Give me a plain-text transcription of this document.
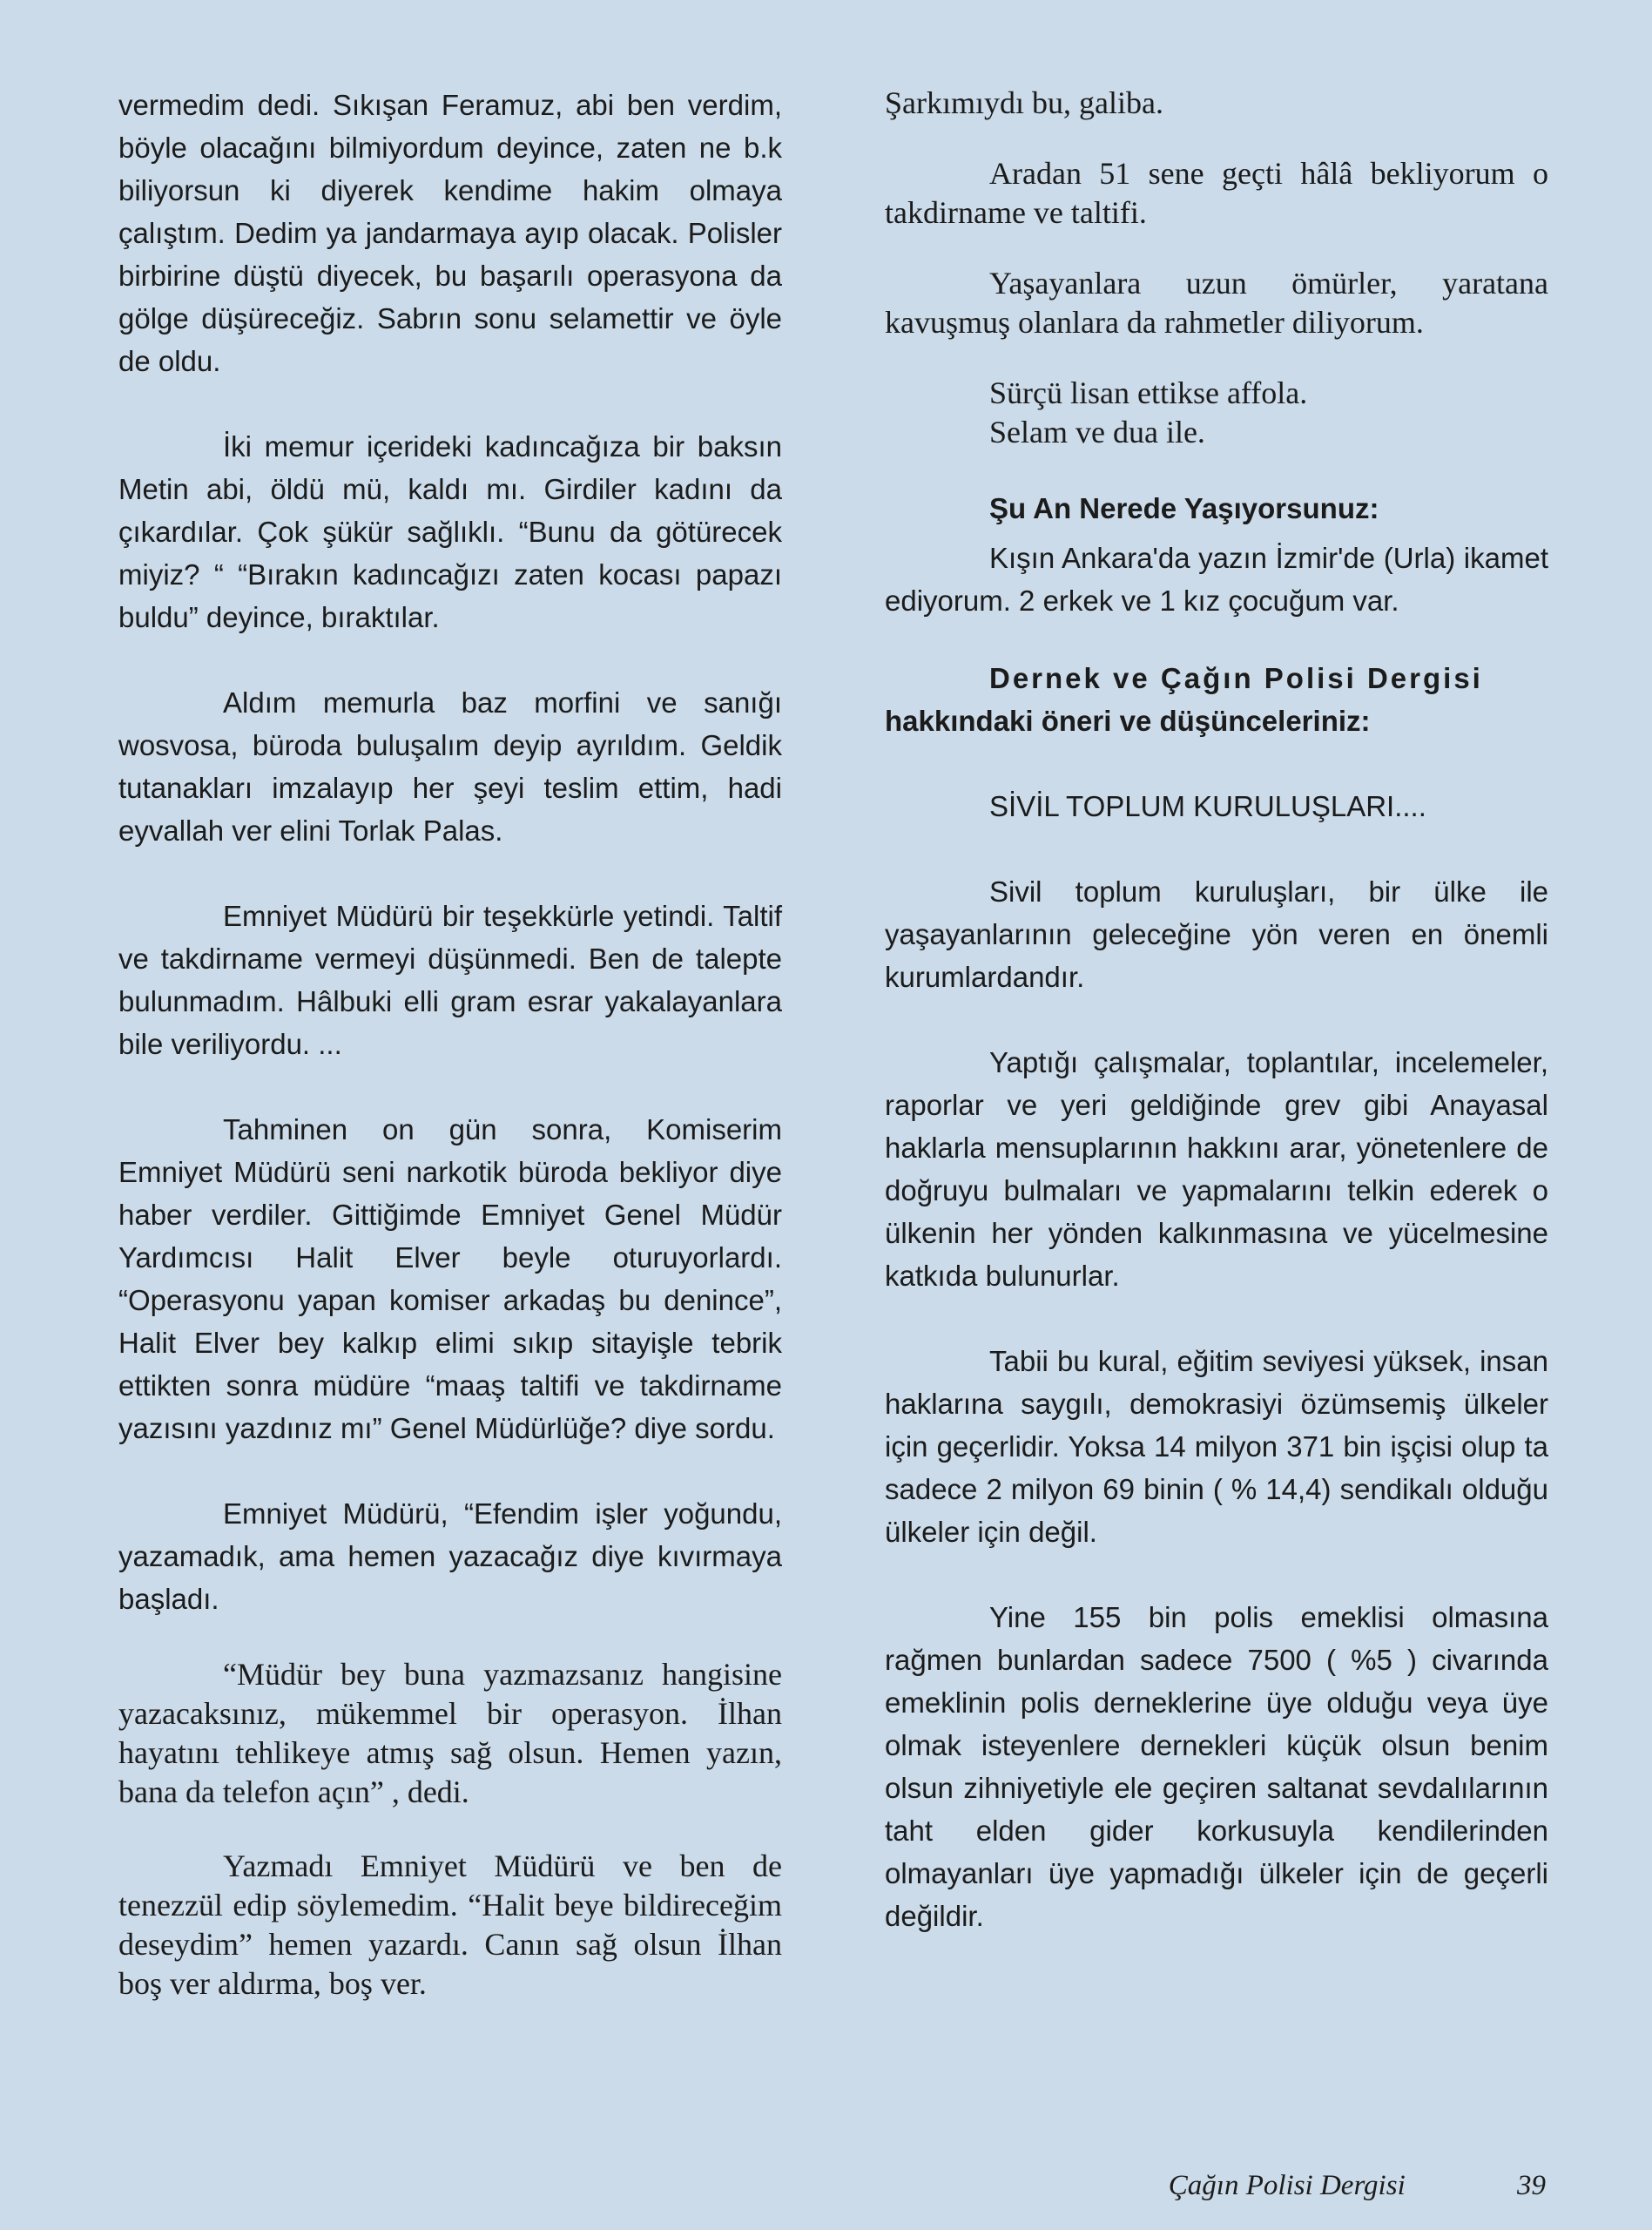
vermedim dedi. Sıkışan Feramuz, abi ben verdim, böyle olacağını bilmiyordum deyince, zaten ne b.k biliyorsun ki diyerek kendime hakim olmaya çalıştım. Dedim ya jandarmaya ayıp olacak. Polisler birbirine düştü diyecek, bu başarılı operasyona da gölge düşüreceğiz. Sabrın sonu selamettir ve öyle de oldu.

İki memur içerideki kadıncağıza bir baksın Metin abi, öldü mü, kaldı mı. Girdiler kadını da çıkardılar. Çok şükür sağlıklı. “Bunu da götürecek miyiz? “ “Bırakın kadıncağızı zaten kocası papazı buldu” deyince, bıraktılar.

Aldım memurla baz morfini ve sanığı wosvosa, büroda buluşalım deyip ayrıldım. Geldik tutanakları imzalayıp her şeyi teslim ettim, hadi eyvallah ver elini Torlak Palas.

Emniyet Müdürü bir teşekkürle yetindi. Taltif ve takdirname vermeyi düşünmedi. Ben de talepte bulunmadım. Hâlbuki elli gram esrar yakalayanlara bile veriliyordu. ...

Tahminen on gün sonra, Komiserim Emniyet Müdürü seni narkotik büroda bekliyor diye haber verdiler. Gittiğimde Emniyet Genel Müdür Yardımcısı Halit Elver beyle oturuyorlardı. “Operasyonu yapan komiser arkadaş bu denince”, Halit Elver bey kalkıp elimi sıkıp sitayişle tebrik ettikten sonra müdüre “maaş taltifi ve takdirname yazısını yazdınız mı” Genel Müdürlüğe? diye sordu.

Emniyet Müdürü, “Efendim işler yoğundu, yazamadık, ama hemen yazacağız diye kıvırmaya başladı.

“Müdür bey buna yazmazsanız hangisine yazacaksınız, mükemmel bir operasyon. İlhan hayatını tehlikeye atmış sağ olsun. Hemen yazın, bana da telefon açın” , dedi.

Yazmadı Emniyet Müdürü ve ben de tenezzül edip söylemedim. “Halit beye bildireceğim deseydim” hemen yazardı. Canın sağ olsun İlhan boş ver aldırma, boş ver.

Şarkımıydı bu, galiba.

Aradan 51 sene geçti hâlâ bekliyorum o takdirname ve taltifi.

Yaşayanlara uzun ömürler, yaratana kavuşmuş olanlara da rahmetler diliyorum.

Sürçü lisan ettikse affola.

Selam ve dua ile.

Şu An Nerede Yaşıyorsunuz:

Kışın Ankara'da yazın İzmir'de (Urla) ikamet ediyorum. 2 erkek ve 1 kız çocuğum var.

Dernek ve Çağın Polisi Dergisi

hakkındaki öneri ve düşünceleriniz:

SİVİL TOPLUM KURULUŞLARI....

Sivil toplum kuruluşları, bir ülke ile yaşayanlarının geleceğine yön veren en önemli kurumlardandır.

Yaptığı çalışmalar, toplantılar, incelemeler, raporlar ve yeri geldiğinde grev gibi Anayasal haklarla mensuplarının hakkını arar, yönetenlere de doğruyu bulmaları ve yapmalarını telkin ederek o ülkenin her yönden kalkınmasına ve yücelmesine katkıda bulunurlar.

Tabii bu kural, eğitim seviyesi yüksek, insan haklarına saygılı, demokrasiyi özümsemiş ülkeler için geçerlidir. Yoksa 14 milyon 371 bin işçisi olup ta sadece 2 milyon 69 binin ( % 14,4) sendikalı olduğu ülkeler için değil.

Yine 155 bin polis emeklisi olmasına rağmen bunlardan sadece 7500 ( %5 ) civarında emeklinin polis derneklerine üye olduğu veya üye olmak isteyenlere dernekleri küçük olsun benim olsun zihniyetiyle ele geçiren saltanat sevdalılarının taht elden gider korkusuyla kendilerinden olmayanları üye yapmadığı ülkeler için de geçerli değildir.

Çağın Polisi Dergisi	39
